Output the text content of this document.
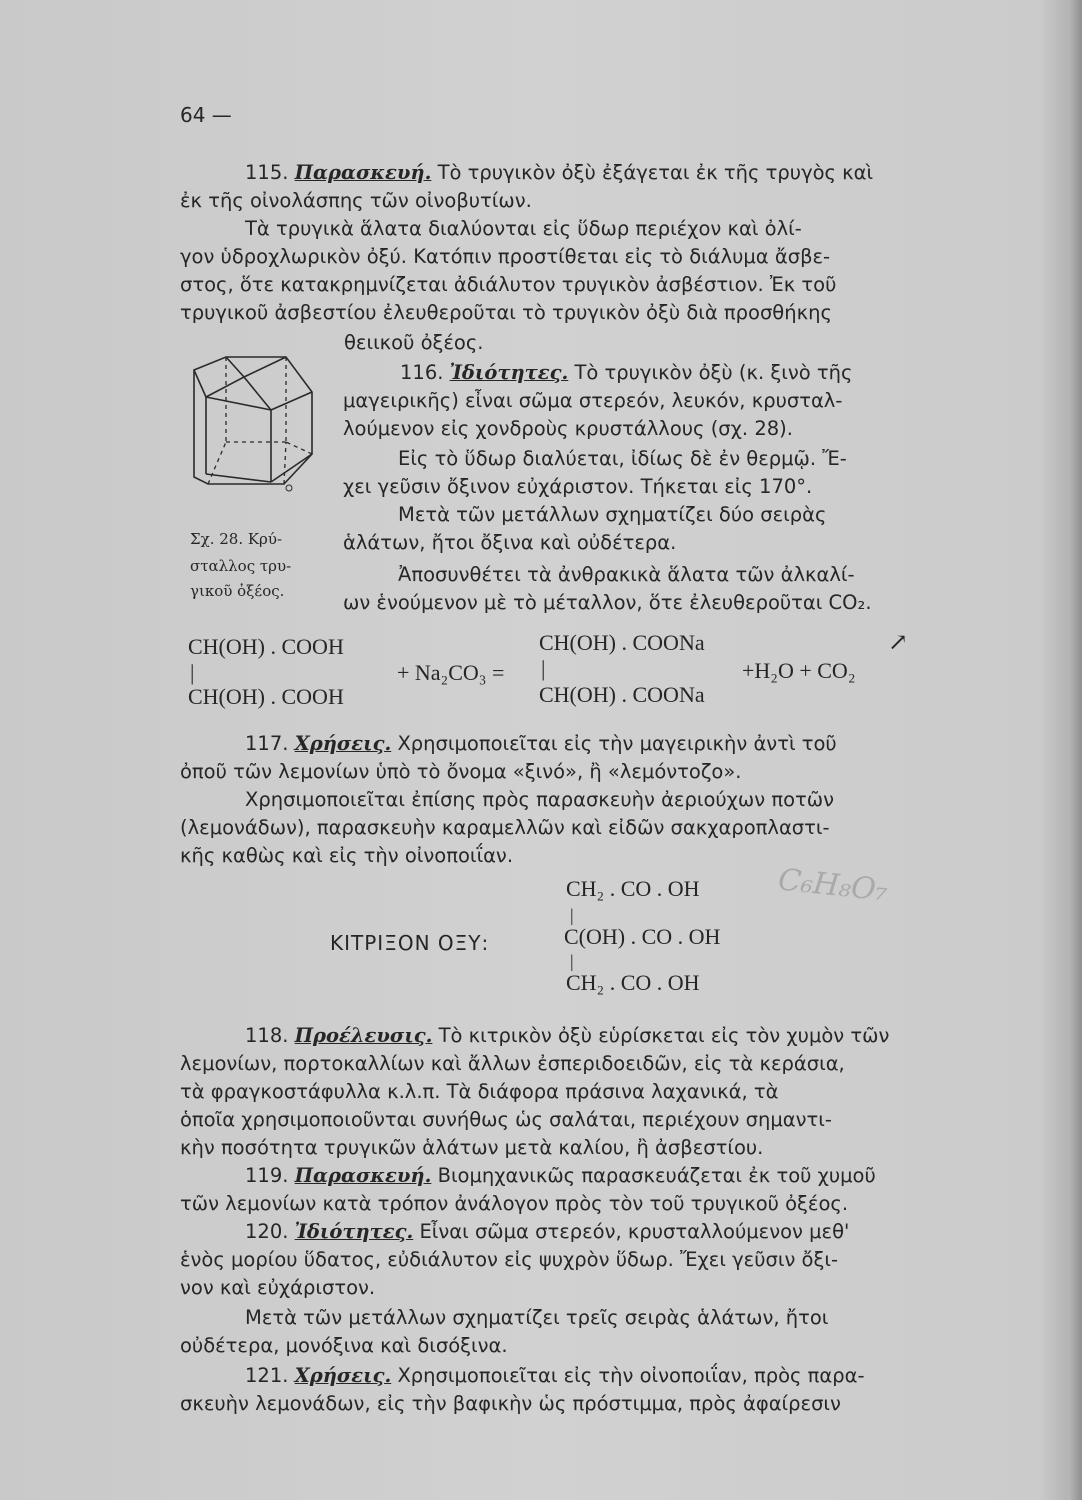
64 —
115. Παρασκευή. Τὸ τρυγικὸν ὀξὺ ἐξάγεται ἐκ τῆς τρυγὸς καὶ
ἐκ τῆς οἰνολάσπης τῶν οἰνοβυτίων.
Τὰ τρυγικὰ ἅλατα διαλύονται εἰς ὕδωρ περιέχον καὶ ὀλί-
γον ὑδροχλωρικὸν ὀξύ. Κατόπιν προστίθεται εἰς τὸ διάλυμα ἄσβε-
στος, ὅτε κατακρημνίζεται ἀδιάλυτον τρυγικὸν ἀσβέστιον. Ἐκ τοῦ
τρυγικοῦ ἀσβεστίου ἐλευθεροῦται τὸ τρυγικὸν ὀξὺ διὰ προσθήκης
θειικοῦ ὀξέος.
Σχ. 28. Κρύ-
σταλλος τρυ-
γικοῦ ὀξέος.
116. Ἰδιότητες. Τὸ τρυγικὸν ὀξὺ (κ. ξινὸ τῆς
μαγειρικῆς) εἶναι σῶμα στερεόν, λευκόν, κρυσταλ-
λούμενον εἰς χονδροὺς κρυστάλλους (σχ. 28).
Εἰς τὸ ὕδωρ διαλύεται, ἰδίως δὲ ἐν θερμῷ. Ἔ-
χει γεῦσιν ὄξινον εὐχάριστον. Τήκεται εἰς 170°.
Μετὰ τῶν μετάλλων σχηματίζει δύο σειρὰς
ἁλάτων, ἤτοι ὄξινα καὶ οὐδέτερα.
Ἀποσυνθέτει τὰ ἀνθρακικὰ ἅλατα τῶν ἀλκαλί-
ων ἑνούμενον μὲ τὸ μέταλλον, ὅτε ἐλευθεροῦται CO₂.
CH(OH) . COOH
|
CH(OH) . COOH
+ Na₂CO₃ =
CH(OH) . COONa
|
CH(OH) . COONa
+H₂O + CO₂
↗
117. Χρήσεις. Χρησιμοποιεῖται εἰς τὴν μαγειρικὴν ἀντὶ τοῦ
ὀποῦ τῶν λεμονίων ὑπὸ τὸ ὄνομα «ξινό», ἢ «λεμόντοζο».
Χρησιμοποιεῖται ἐπίσης πρὸς παρασκευὴν ἀεριούχων ποτῶν
(λεμονάδων), παρασκευὴν καραμελλῶν καὶ εἰδῶν σακχαροπλαστι-
κῆς καθὼς καὶ εἰς τὴν οἰνοποιΐαν.
ΚΙΤΡΙΞΟΝ ΟΞΥ:
CH₂ . CO . OH
|
C(OH) . CO . OH
|
CH₂ . CO . OH
C₆H₈O₇
118. Προέλευσις. Τὸ κιτρικὸν ὀξὺ εὑρίσκεται εἰς τὸν χυμὸν τῶν
λεμονίων, πορτοκαλλίων καὶ ἄλλων ἐσπεριδοειδῶν, εἰς τὰ κεράσια,
τὰ φραγκοστάφυλλα κ.λ.π. Τὰ διάφορα πράσινα λαχανικά, τὰ
ὁποῖα χρησιμοποιοῦνται συνήθως ὡς σαλάται, περιέχουν σημαντι-
κὴν ποσότητα τρυγικῶν ἁλάτων μετὰ καλίου, ἢ ἀσβεστίου.
119. Παρασκευή. Βιομηχανικῶς παρασκευάζεται ἐκ τοῦ χυμοῦ
τῶν λεμονίων κατὰ τρόπον ἀνάλογον πρὸς τὸν τοῦ τρυγικοῦ ὀξέος.
120. Ἰδιότητες. Εἶναι σῶμα στερεόν, κρυσταλλούμενον μεθ'
ἑνὸς μορίου ὕδατος, εὐδιάλυτον εἰς ψυχρὸν ὕδωρ. Ἔχει γεῦσιν ὄξι-
νον καὶ εὐχάριστον.
Μετὰ τῶν μετάλλων σχηματίζει τρεῖς σειρὰς ἁλάτων, ἤτοι
οὐδέτερα, μονόξινα καὶ δισόξινα.
121. Χρήσεις. Χρησιμοποιεῖται εἰς τὴν οἰνοποιΐαν, πρὸς παρα-
σκευὴν λεμονάδων, εἰς τὴν βαφικὴν ὡς πρόστιμμα, πρὸς ἀφαίρεσιν
